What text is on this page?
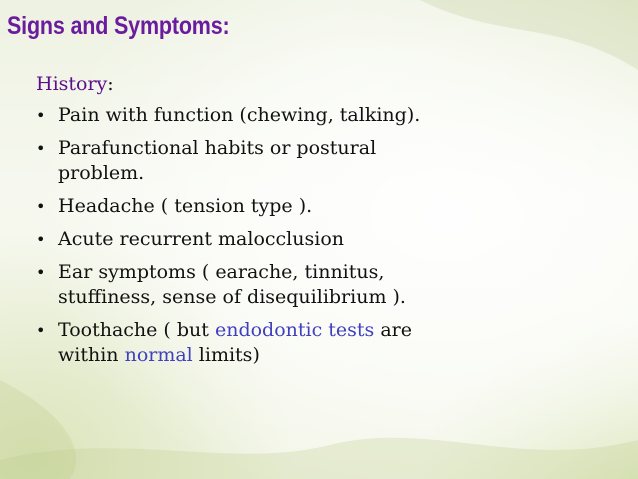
Signs and Symptoms:
History:
• Pain with function (chewing, talking).
• Parafunctional habits or postural
problem.
• Headache ( tension type ).
• Acute recurrent malocclusion
• Ear symptoms ( earache, tinnitus,
stuffiness, sense of disequilibrium ).
• Toothache ( but endodontic tests are
within normal limits)
